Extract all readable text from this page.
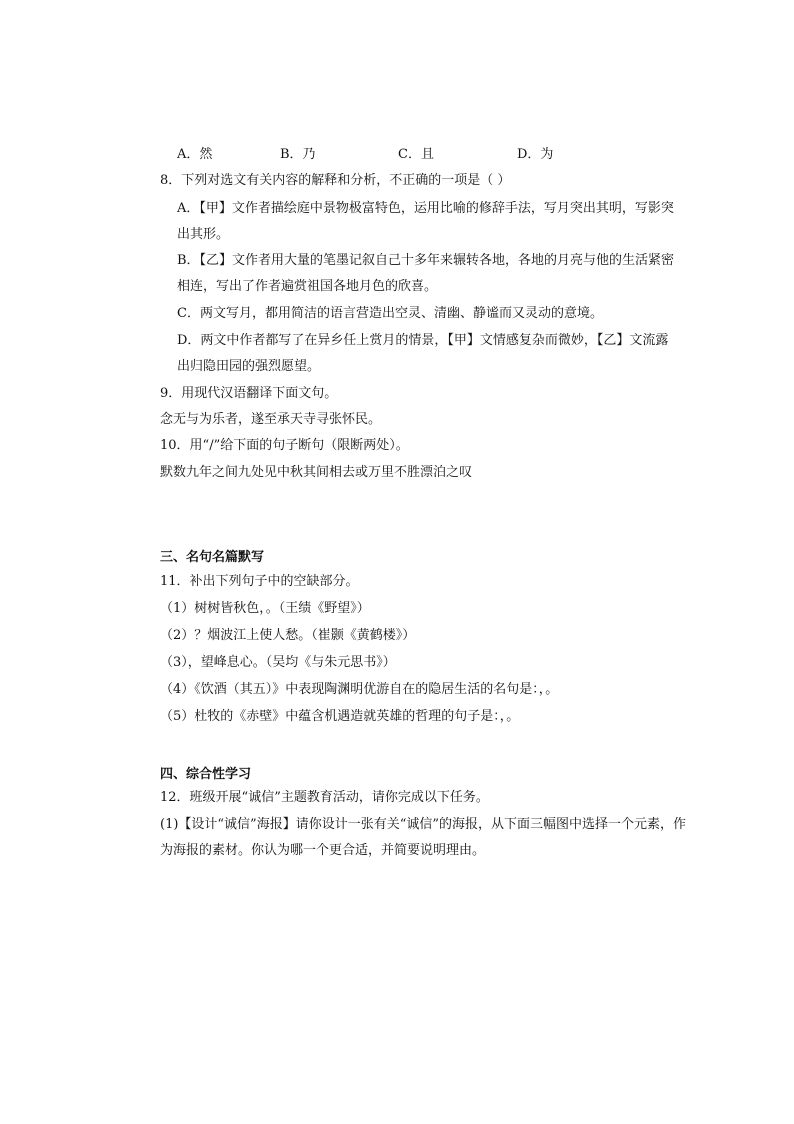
A．然	B．乃	C．且	D．为
8．下列对选文有关内容的解释和分析，不正确的一项是（ ）
A．【甲】文作者描绘庭中景物极富特色，运用比喻的修辞手法，写月突出其明，写影突
出其形。
B．【乙】文作者用大量的笔墨记叙自己十多年来辗转各地，各地的月亮与他的生活紧密
相连，写出了作者遍赏祖国各地月色的欣喜。
C．两文写月，都用简洁的语言营造出空灵、清幽、静谧而又灵动的意境。
D．两文中作者都写了在异乡任上赏月的情景，【甲】文情感复杂而微妙，【乙】文流露
出归隐田园的强烈愿望。
9．用现代汉语翻译下面文句。
念无与为乐者，遂至承天寺寻张怀民。
10．用“/”给下面的句子断句（限断两处）。
默数九年之间九处见中秋其间相去或万里不胜漂泊之叹
三、名句名篇默写
11．补出下列句子中的空缺部分。
（1）树树皆秋色，。（王绩《野望》）
（2）？烟波江上使人愁。（崔颢《黄鹤楼》）
（3），望峰息心。（吴均《与朱元思书》）
（4）《饮酒（其五）》中表现陶渊明优游自在的隐居生活的名句是：，。
（5）杜牧的《赤壁》中蕴含机遇造就英雄的哲理的句子是：，。
四、综合性学习
12．班级开展“诚信”主题教育活动，请你完成以下任务。
(1)【设计“诚信”海报】请你设计一张有关“诚信”的海报，从下面三幅图中选择一个元素，作
为海报的素材。你认为哪一个更合适，并简要说明理由。
